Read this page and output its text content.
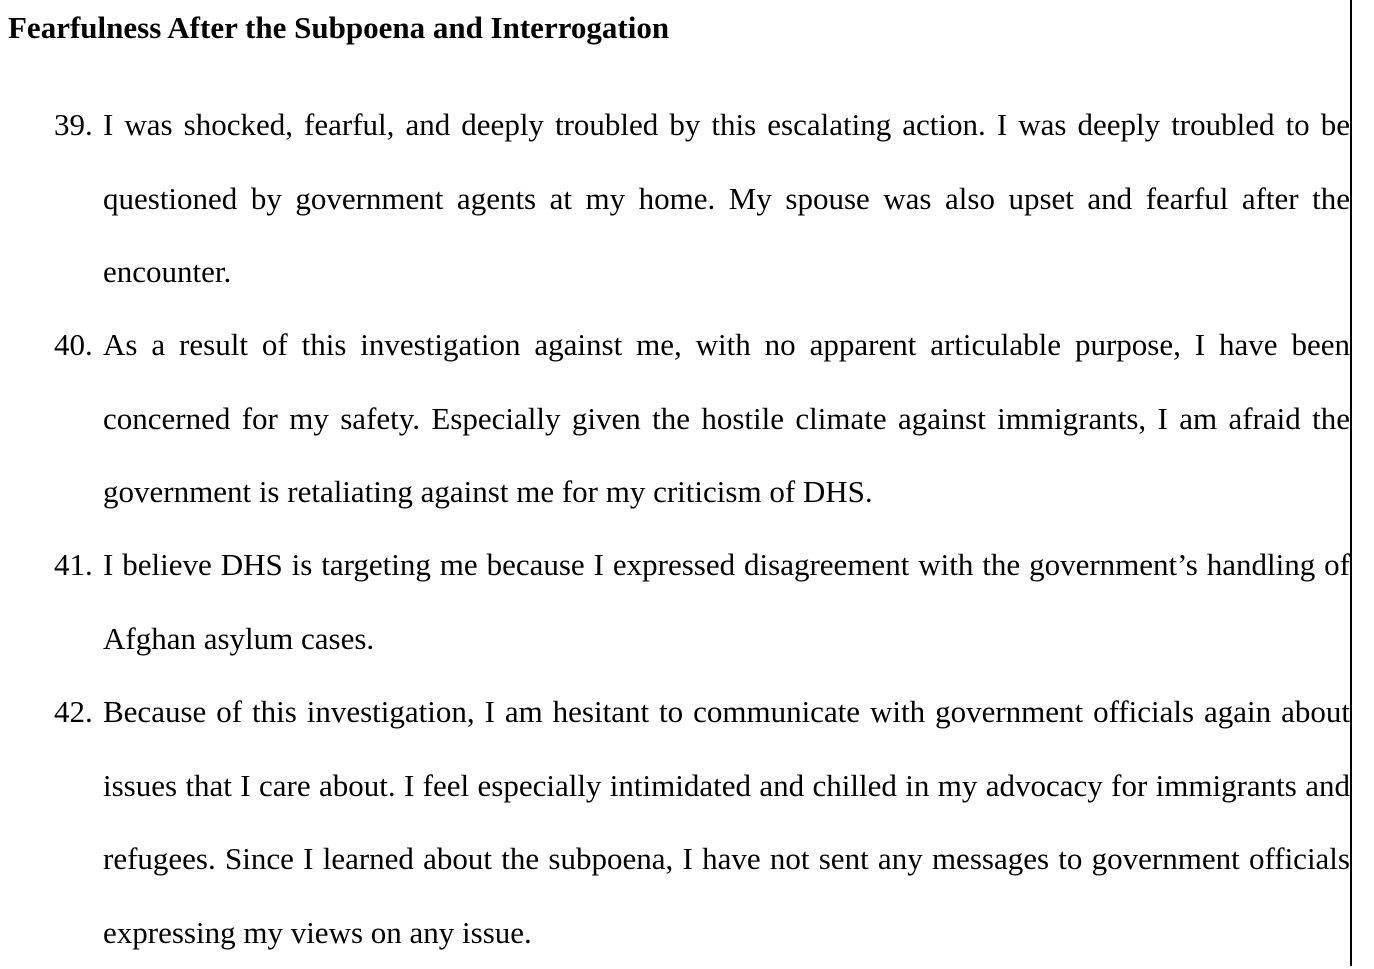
Fearfulness After the Subpoena and Interrogation
39. I was shocked, fearful, and deeply troubled by this escalating action. I was deeply troubled to be questioned by government agents at my home. My spouse was also upset and fearful after the encounter.
40. As a result of this investigation against me, with no apparent articulable purpose, I have been concerned for my safety. Especially given the hostile climate against immigrants, I am afraid the government is retaliating against me for my criticism of DHS.
41. I believe DHS is targeting me because I expressed disagreement with the government’s handling of Afghan asylum cases.
42. Because of this investigation, I am hesitant to communicate with government officials again about issues that I care about. I feel especially intimidated and chilled in my advocacy for immigrants and refugees. Since I learned about the subpoena, I have not sent any messages to government officials expressing my views on any issue.
